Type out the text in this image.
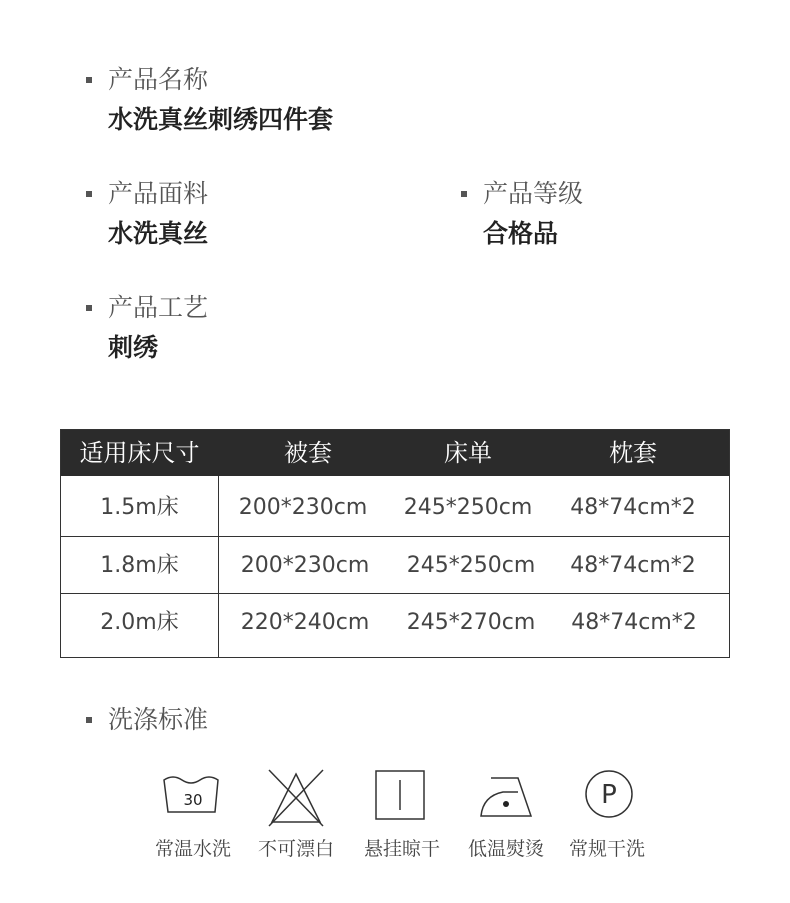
产品名称
水洗真丝刺绣四件套
产品面料
水洗真丝
产品等级
合格品
产品工艺
刺绣
适用床尺寸	被套	床单	枕套
1.5m床	200*230cm	245*250cm	48*74cm*2
1.8m床	200*230cm	245*250cm	48*74cm*2
2.0m床	220*240cm	245*270cm	48*74cm*2
洗涤标准
30
常温水洗	不可漂白	悬挂晾干	低温熨烫
P
常规干洗
